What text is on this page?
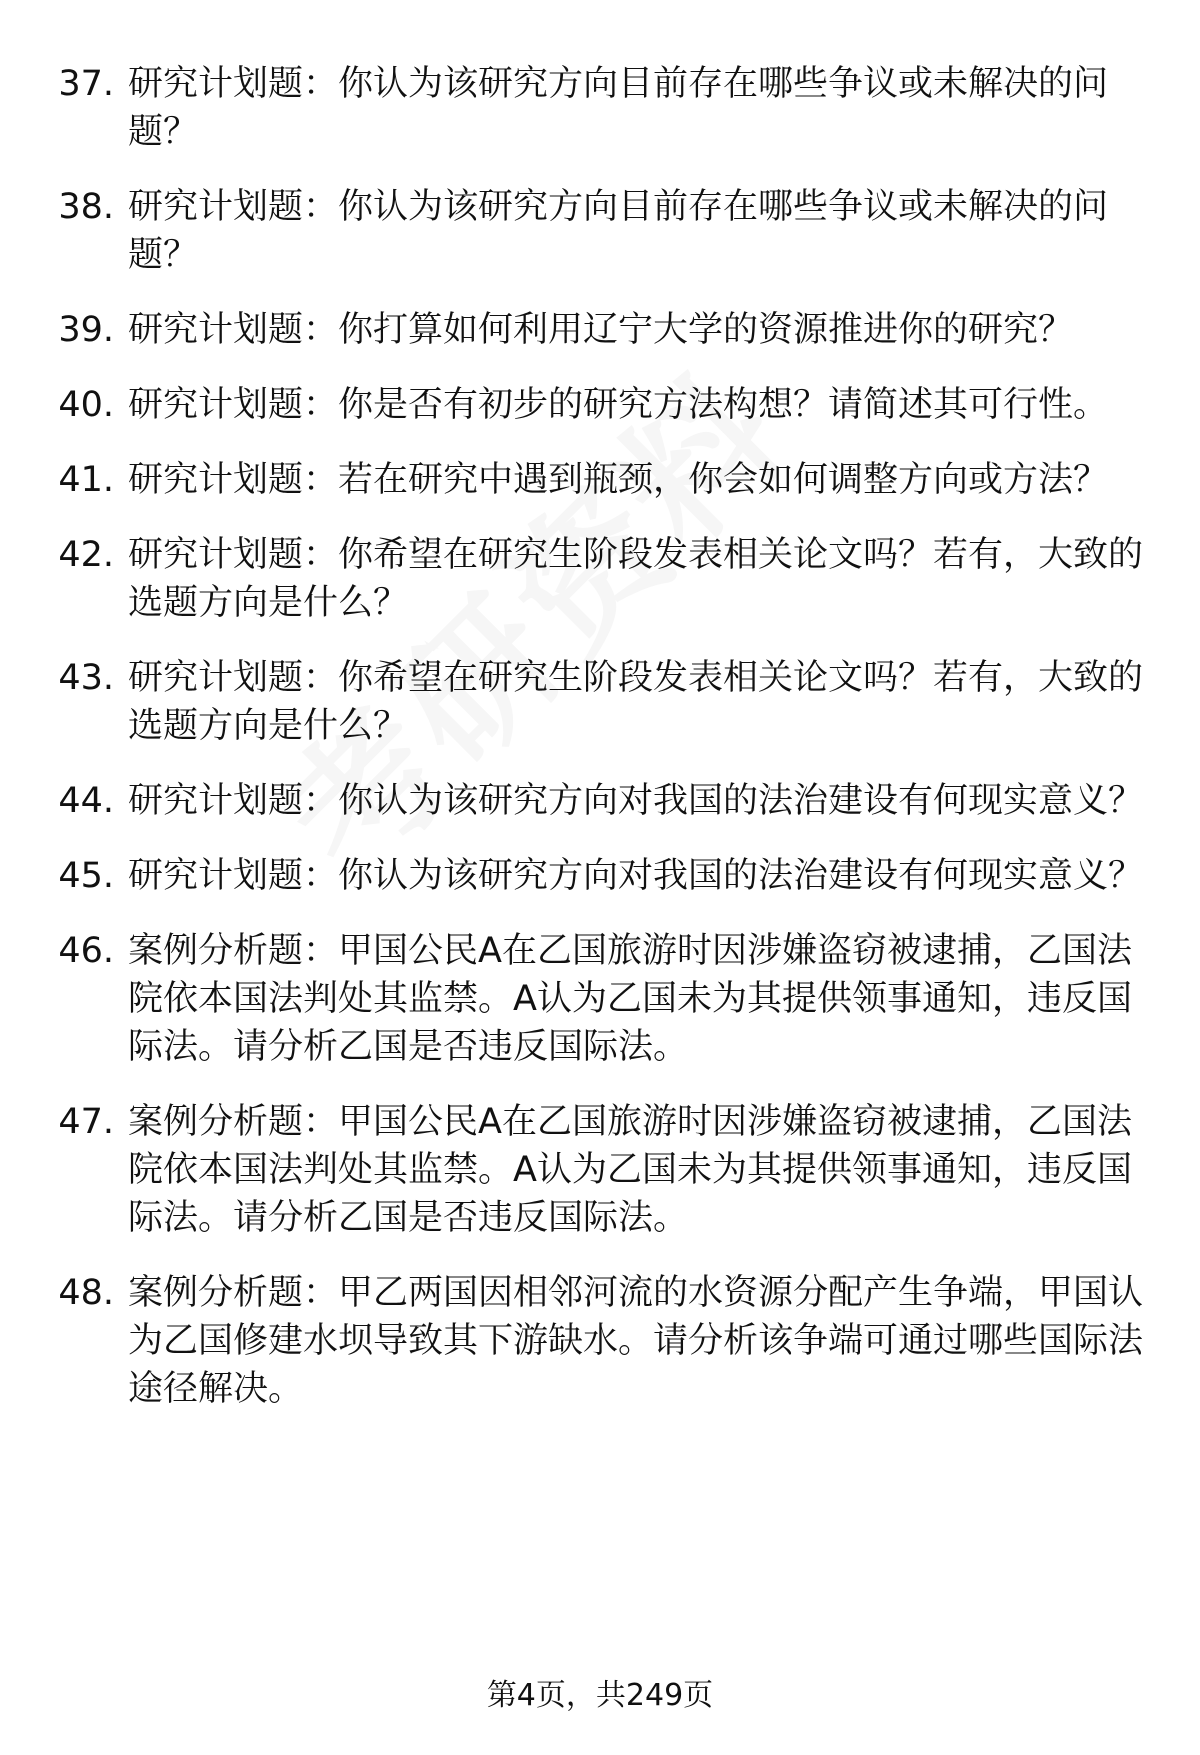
37. 研究计划题：你认为该研究方向目前存在哪些争议或未解决的问题？
38. 研究计划题：你认为该研究方向目前存在哪些争议或未解决的问题？
39. 研究计划题：你打算如何利用辽宁大学的资源推进你的研究？
40. 研究计划题：你是否有初步的研究方法构想？请简述其可行性。
41. 研究计划题：若在研究中遇到瓶颈，你会如何调整方向或方法？
42. 研究计划题：你希望在研究生阶段发表相关论文吗？若有，大致的选题方向是什么？
43. 研究计划题：你希望在研究生阶段发表相关论文吗？若有，大致的选题方向是什么？
44. 研究计划题：你认为该研究方向对我国的法治建设有何现实意义？
45. 研究计划题：你认为该研究方向对我国的法治建设有何现实意义？
46. 案例分析题：甲国公民A在乙国旅游时因涉嫌盗窃被逮捕，乙国法院依本国法判处其监禁。A认为乙国未为其提供领事通知，违反国际法。请分析乙国是否违反国际法。
47. 案例分析题：甲国公民A在乙国旅游时因涉嫌盗窃被逮捕，乙国法院依本国法判处其监禁。A认为乙国未为其提供领事通知，违反国际法。请分析乙国是否违反国际法。
48. 案例分析题：甲乙两国因相邻河流的水资源分配产生争端，甲国认为乙国修建水坝导致其下游缺水。请分析该争端可通过哪些国际法途径解决。
第4页，共249页
